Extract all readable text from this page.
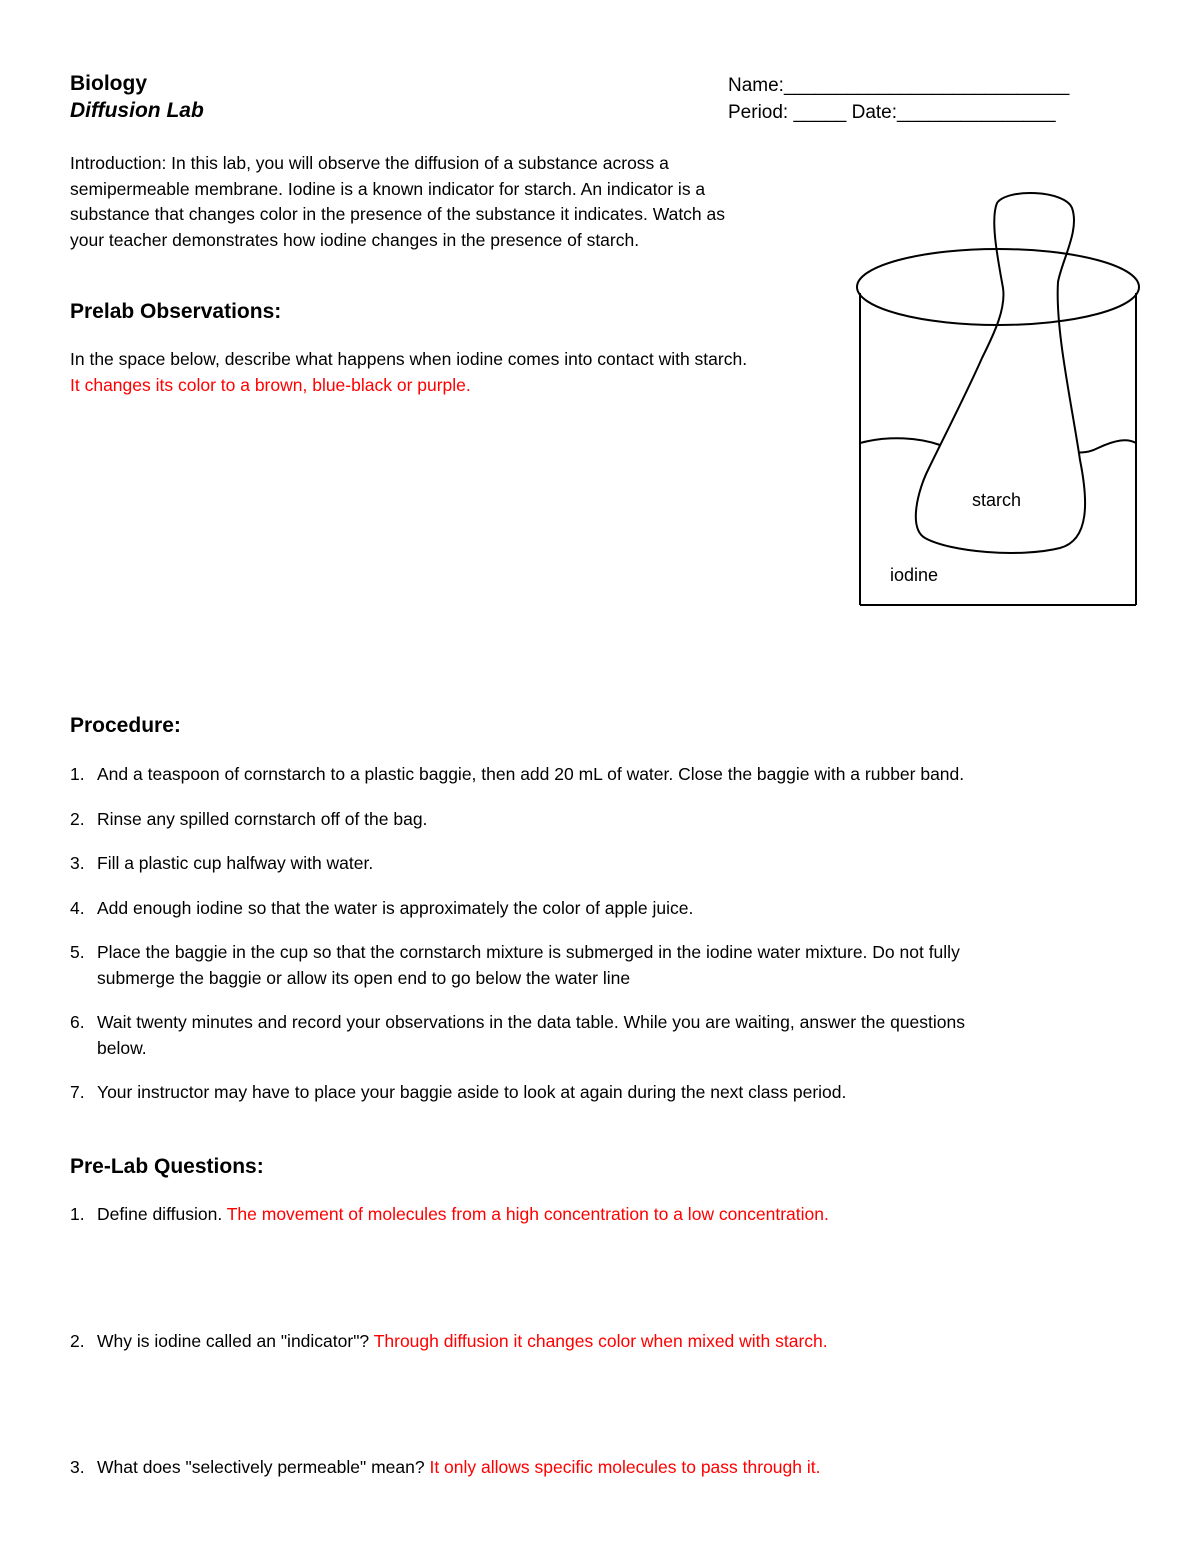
Biology
Diffusion Lab
Name:___________________________
Period: _____ Date:_______________
Introduction: In this lab, you will observe the diffusion of a substance across a
semipermeable membrane. Iodine is a known indicator for starch. An indicator is a
substance that changes color in the presence of the substance it indicates. Watch as
your teacher demonstrates how iodine changes in the presence of starch.
Prelab Observations:
In the space below, describe what happens when iodine comes into contact with starch.
It changes its color to a brown, blue-black or purple.
starch
iodine
Procedure:
1. And a teaspoon of cornstarch to a plastic baggie, then add 20 mL of water. Close the baggie with a rubber band.
2. Rinse any spilled cornstarch off of the bag.
3. Fill a plastic cup halfway with water.
4. Add enough iodine so that the water is approximately the color of apple juice.
5. Place the baggie in the cup so that the cornstarch mixture is submerged in the iodine water mixture. Do not fully
submerge the baggie or allow its open end to go below the water line
6. Wait twenty minutes and record your observations in the data table. While you are waiting, answer the questions
below.
7. Your instructor may have to place your baggie aside to look at again during the next class period.
Pre-Lab Questions:
1. Define diffusion. The movement of molecules from a high concentration to a low concentration.
2. Why is iodine called an "indicator"? Through diffusion it changes color when mixed with starch.
3. What does "selectively permeable" mean? It only allows specific molecules to pass through it.
